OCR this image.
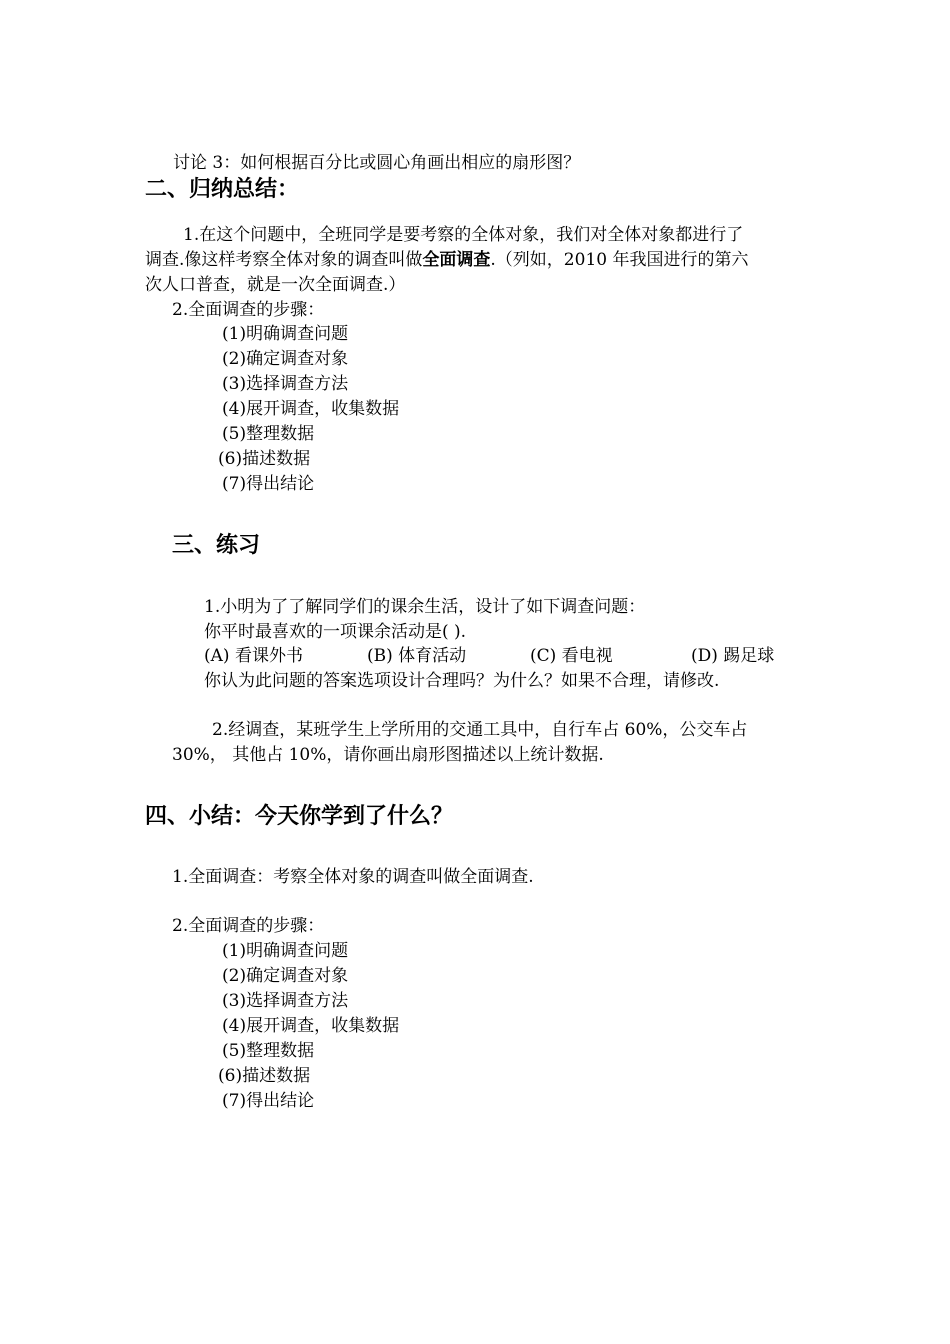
讨论 3：如何根据百分比或圆心角画出相应的扇形图？
二、归纳总结：
1.在这个问题中，全班同学是要考察的全体对象，我们对全体对象都进行了
调查.像这样考察全体对象的调查叫做全面调查.（列如，2010 年我国进行的第六
次人口普查，就是一次全面调查.）
2.全面调查的步骤：
(1)明确调查问题
(2)确定调查对象
(3)选择调查方法
(4)展开调查，收集数据
(5)整理数据
(6)描述数据
(7)得出结论
三、练习
1.小明为了了解同学们的课余生活，设计了如下调查问题：
你平时最喜欢的一项课余活动是( ).
(A) 看课外书	(B) 体育活动	(C) 看电视	(D) 踢足球
你认为此问题的答案选项设计合理吗？为什么？如果不合理，请修改.
2.经调查，某班学生上学所用的交通工具中，自行车占 60%，公交车占
30%， 其他占 10%，请你画出扇形图描述以上统计数据.
四、小结：今天你学到了什么？
1.全面调查：考察全体对象的调查叫做全面调查.
2.全面调查的步骤：
(1)明确调查问题
(2)确定调查对象
(3)选择调查方法
(4)展开调查，收集数据
(5)整理数据
(6)描述数据
(7)得出结论
